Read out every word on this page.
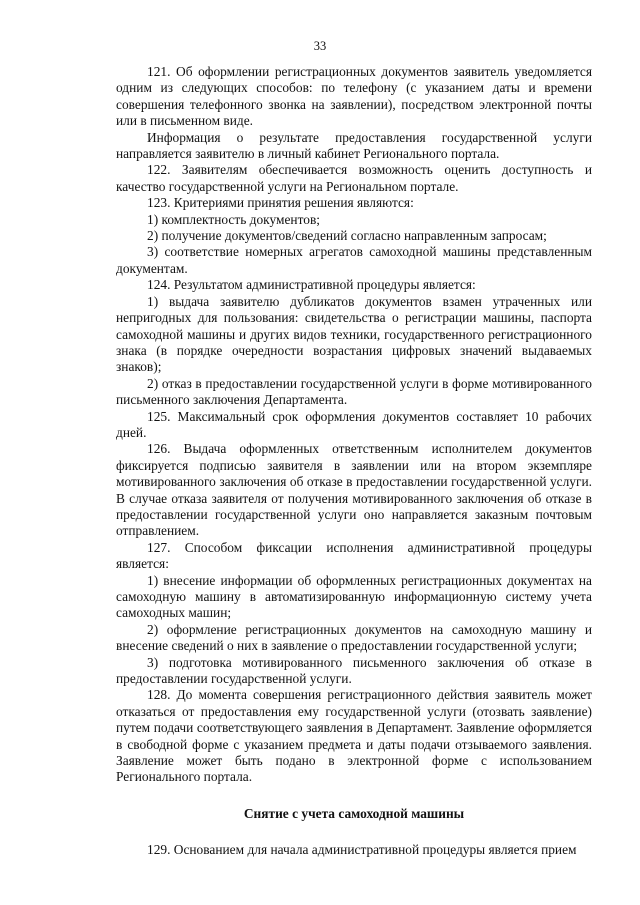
33

121. Об оформлении регистрационных документов заявитель уведомляется одним из следующих способов: по телефону (с указанием даты и времени совершения телефонного звонка на заявлении), посредством электронной почты или в письменном виде.

Информация о результате предоставления государственной услуги направляется заявителю в личный кабинет Регионального портала.

122. Заявителям обеспечивается возможность оценить доступность и качество государственной услуги на Региональном портале.

123. Критериями принятия решения являются:

1) комплектность документов;

2) получение документов/сведений согласно направленным запросам;

3) соответствие номерных агрегатов самоходной машины представленным документам.

124. Результатом административной процедуры является:

1) выдача заявителю дубликатов документов взамен утраченных или непригодных для пользования: свидетельства о регистрации машины, паспорта самоходной машины и других видов техники, государственного регистрационного знака (в порядке очередности возрастания цифровых значений выдаваемых знаков);

2) отказ в предоставлении государственной услуги в форме мотивированного письменного заключения Департамента.

125. Максимальный срок оформления документов составляет 10 рабочих дней.

126. Выдача оформленных ответственным исполнителем документов фиксируется подписью заявителя в заявлении или на втором экземпляре мотивированного заключения об отказе в предоставлении государственной услуги. В случае отказа заявителя от получения мотивированного заключения об отказе в предоставлении государственной услуги оно направляется заказным почтовым отправлением.

127. Способом фиксации исполнения административной процедуры является:

1) внесение информации об оформленных регистрационных документах на самоходную машину в автоматизированную информационную систему учета самоходных машин;

2) оформление регистрационных документов на самоходную машину и внесение сведений о них в заявление о предоставлении государственной услуги;

3) подготовка мотивированного письменного заключения об отказе в предоставлении государственной услуги.

128. До момента совершения регистрационного действия заявитель может отказаться от предоставления ему государственной услуги (отозвать заявление) путем подачи соответствующего заявления в Департамент. Заявление оформляется в свободной форме с указанием предмета и даты подачи отзываемого заявления. Заявление может быть подано в электронной форме с использованием Регионального портала.

Снятие с учета самоходной машины

129. Основанием для начала административной процедуры является прием
